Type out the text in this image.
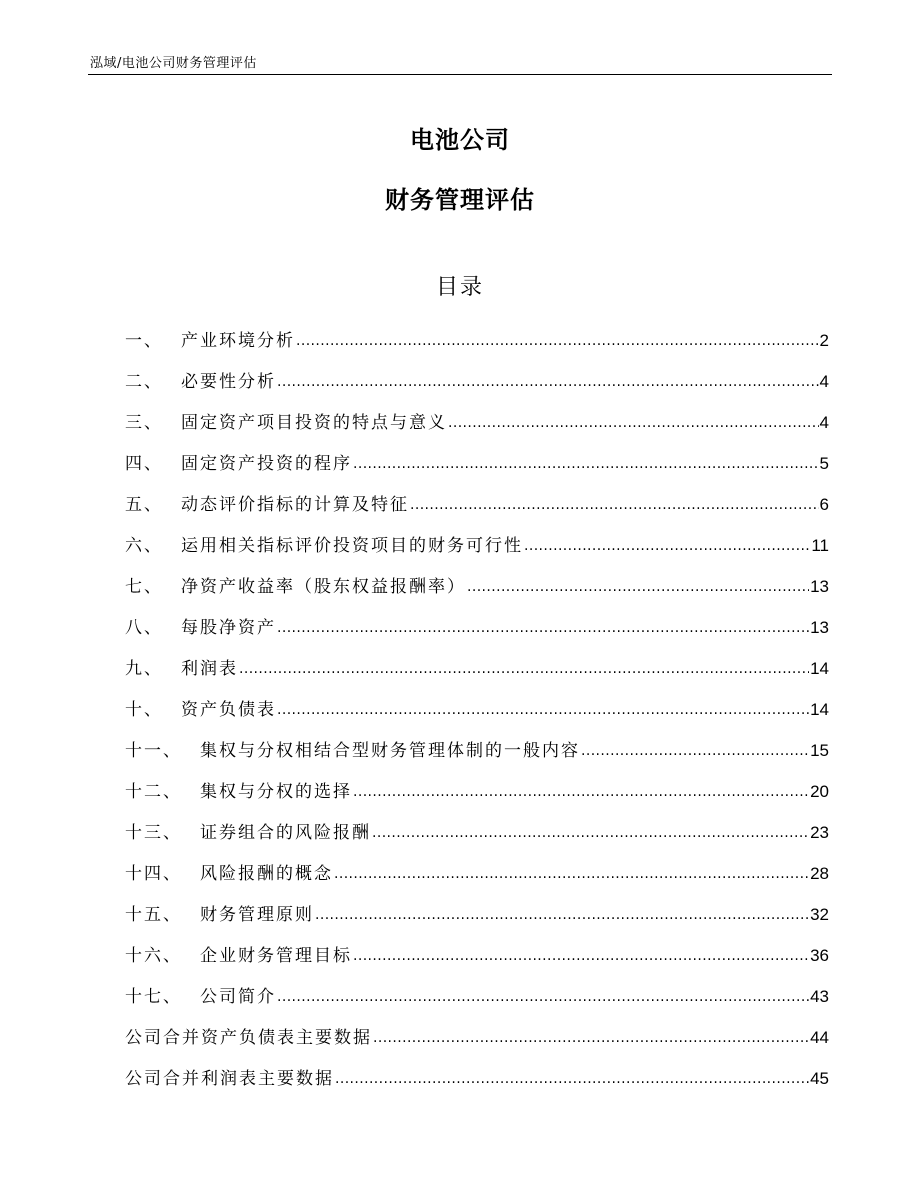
泓域/电池公司财务管理评估
电池公司
财务管理评估
目录
一、 产业环境分析 .....	2
二、 必要性分析 .....	4
三、 固定资产项目投资的特点与意义 .....	4
四、 固定资产投资的程序 .....	5
五、 动态评价指标的计算及特征 .....	6
六、 运用相关指标评价投资项目的财务可行性 .....	11
七、 净资产收益率（股东权益报酬率） .....	13
八、 每股净资产 .....	13
九、 利润表 .....	14
十、 资产负债表 .....	14
十一、 集权与分权相结合型财务管理体制的一般内容 .....	15
十二、 集权与分权的选择 .....	20
十三、 证券组合的风险报酬 .....	23
十四、 风险报酬的概念 .....	28
十五、 财务管理原则 .....	32
十六、 企业财务管理目标 .....	36
十七、 公司简介 .....	43
公司合并资产负债表主要数据 .....	44
公司合并利润表主要数据 .....	45
